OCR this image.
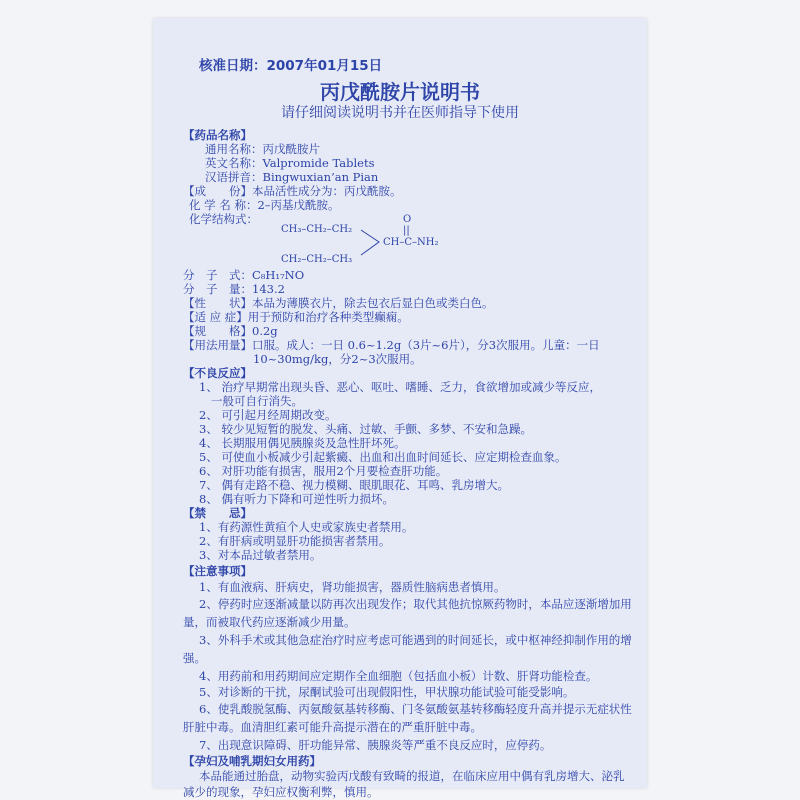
核准日期：2007年01月15日
丙戊酰胺片说明书
请仔细阅读说明书并在医师指导下使用
【药品名称】
通用名称：丙戊酰胺片
英文名称：Valpromide Tablets
汉语拼音：Bingwuxian’an Pian
【成　　份】本品活性成分为：丙戊酰胺。
化 学 名 称：2–丙基戊酰胺。
化学结构式：	O
||
CH₃–CH₂–CH₂
CH–C–NH₂
CH₂–CH₂–CH₃
分　子　式：C₈H₁₇NO
分　子　量：143.2
【性　　状】本品为薄膜衣片，除去包衣后显白色或类白色。
【适 应 症】用于预防和治疗各种类型癫痫。
【规　　格】0.2g
【用法用量】口服。成人：一日 0.6~1.2g（3片~6片），分3次服用。儿童：一日
10~30mg/kg，分2~3次服用。
【不良反应】
1、 治疗早期常出现头昏、恶心、呕吐、嗜睡、乏力，食欲增加或减少等反应，
一般可自行消失。
2、 可引起月经周期改变。
3、 较少见短暂的脱发、头痛、过敏、手颤、多梦、不安和急躁。
4、 长期服用偶见胰腺炎及急性肝坏死。
5、 可使血小板减少引起紫癜、出血和出血时间延长、应定期检查血象。
6、 对肝功能有损害，服用2个月要检查肝功能。
7、 偶有走路不稳、视力模糊、眼肌眼花、耳鸣、乳房增大。
8、 偶有听力下降和可逆性听力损坏。
【禁　　忌】
1、有药源性黄疸个人史或家族史者禁用。
2、有肝病或明显肝功能损害者禁用。
3、对本品过敏者禁用。
【注意事项】
1、有血液病、肝病史，肾功能损害，器质性脑病患者慎用。
2、停药时应逐渐减量以防再次出现发作；取代其他抗惊厥药物时，本品应逐渐增加用量，而被取代药应逐渐减少用量。
3、外科手术或其他急症治疗时应考虑可能遇到的时间延长，或中枢神经抑制作用的增强。
4、用药前和用药期间应定期作全血细胞（包括血小板）计数、肝肾功能检查。
5、对诊断的干扰，尿酮试验可出现假阳性，甲状腺功能试验可能受影响。
6、使乳酸脱氢酶、丙氨酸氨基转移酶、门冬氨酸氨基转移酶轻度升高并提示无症状性肝脏中毒。血清胆红素可能升高提示潜在的严重肝脏中毒。
7、出现意识障碍、肝功能异常、胰腺炎等严重不良反应时，应停药。
【孕妇及哺乳期妇女用药】
本品能通过胎盘，动物实验丙戊酸有致畸的报道，在临床应用中偶有乳房增大、泌乳减少的现象，孕妇应权衡利弊，慎用。
